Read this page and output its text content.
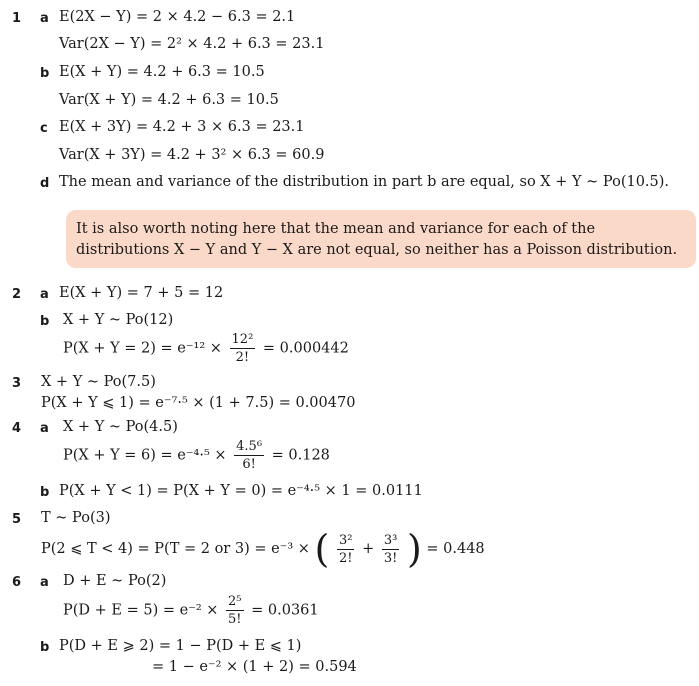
1 a E(2X − Y) = 2 × 4.2 − 6.3 = 2.1
Var(2X − Y) = 2² × 4.2 + 6.3 = 23.1
b E(X + Y) = 4.2 + 6.3 = 10.5
Var(X + Y) = 4.2 + 6.3 = 10.5
c E(X + 3Y) = 4.2 + 3 × 6.3 = 23.1
Var(X + 3Y) = 4.2 + 3² × 6.3 = 60.9
d The mean and variance of the distribution in part b are equal, so X + Y ~ Po(10.5).
It is also worth noting here that the mean and variance for each of the distributions X − Y and Y − X are not equal, so neither has a Poisson distribution.
2 a E(X + Y) = 7 + 5 = 12
b X + Y ~ Po(12)
$P(X + Y = 2) = e^{-12} \times \frac{\text{12²}}{2!} = 0.000442$
3 X + Y ~ Po(7.5)
P(X + Y ⩽ 1) = e⁻⁷·⁵ × (1 + 7.5) = 0.00470
4 a X + Y ~ Po(4.5)
$P(X + Y = 6) = e^{-4}\cdot^5 \times \frac{\text{4.5⁶}}{6!} = 0.128$
b P(X + Y < 1) = P(X + Y = 0) = e⁻⁴·⁵ × 1 = 0.0111
5 T ~ Po(3)
P(2 ⩽ T < 4) = P(T = 2 or 3) = e⁻³ × ( $\frac{\text{3²}}{2!} + \frac{\text{3³}}{3!}$ ) = 0.448
6 a D + E ~ Po(2)
$P(D + E = 5) = e^{-2} \times \frac{\text{2⁵}}{5!} = 0.0361$
b P(D + E ⩾ 2) = 1 − P(D + E ⩽ 1)
= 1 − e⁻² × (1 + 2) = 0.594
